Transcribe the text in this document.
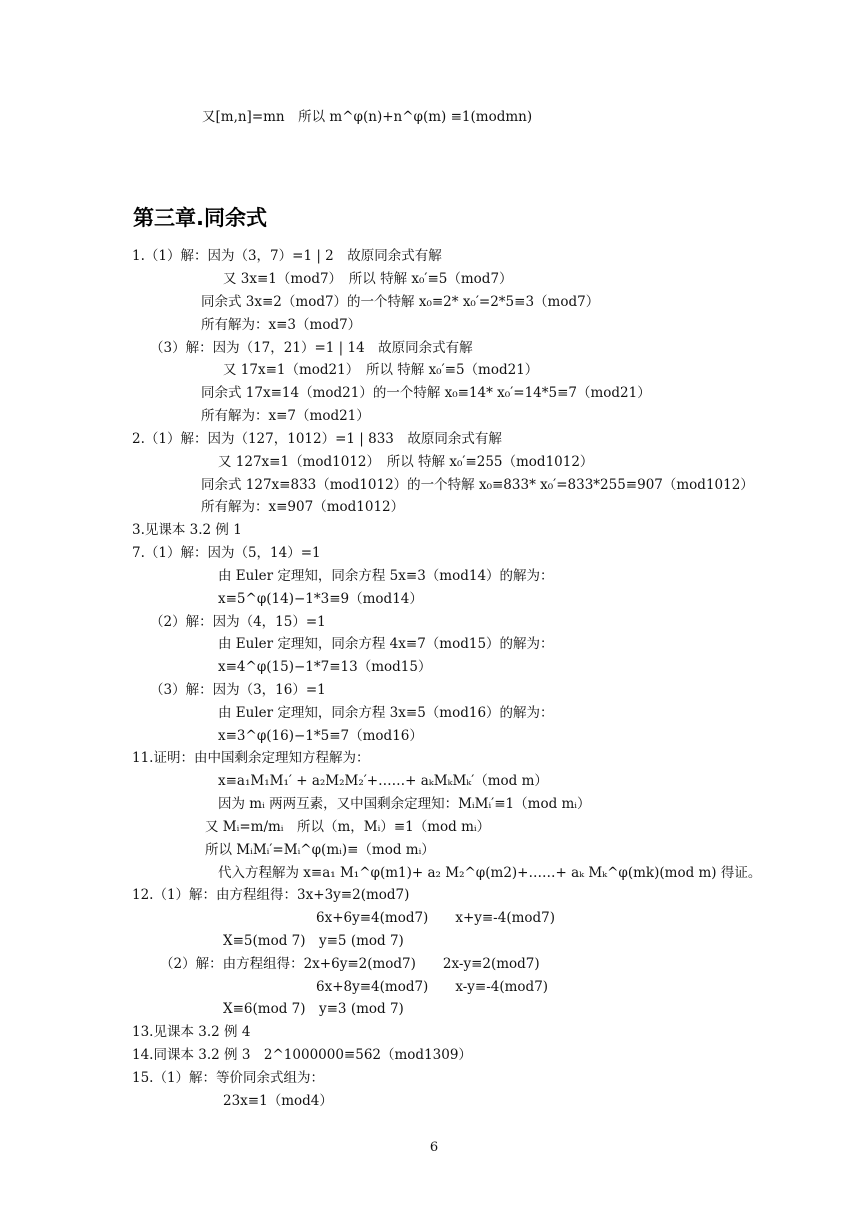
又[m,n]=mn　所以 m^φ(n)+n^φ(m) ≡1(modmn)
第三章.同余式
1.（1）解：因为（3，7）=1 | 2　故原同余式有解
又 3x≡1（mod7）　所以 特解 x₀′≡5（mod7）
同余式 3x≡2（mod7）的一个特解 x₀≡2* x₀′=2*5≡3（mod7）
所有解为：x≡3（mod7）
（3）解：因为（17，21）=1 | 14　故原同余式有解
又 17x≡1（mod21）　所以 特解 x₀′≡5（mod21）
同余式 17x≡14（mod21）的一个特解 x₀≡14* x₀′=14*5≡7（mod21）
所有解为：x≡7（mod21）
2.（1）解：因为（127，1012）=1 | 833　故原同余式有解
又 127x≡1（mod1012）　所以 特解 x₀′≡255（mod1012）
同余式 127x≡833（mod1012）的一个特解 x₀≡833* x₀′=833*255≡907（mod1012）
所有解为：x≡907（mod1012）
3.见课本 3.2 例 1
7.（1）解：因为（5，14）=1
由 Euler 定理知，同余方程 5x≡3（mod14）的解为：
x≡5^φ(14)−1*3≡9（mod14）
（2）解：因为（4，15）=1
由 Euler 定理知，同余方程 4x≡7（mod15）的解为：
x≡4^φ(15)−1*7≡13（mod15）
（3）解：因为（3，16）=1
由 Euler 定理知，同余方程 3x≡5（mod16）的解为：
x≡3^φ(16)−1*5≡7（mod16）
11.证明：由中国剩余定理知方程解为：
x≡a₁M₁M₁′ + a₂M₂M₂′+……+ aₖMₖMₖ′（mod m）
因为 mᵢ 两两互素，又中国剩余定理知：MᵢMᵢ′≡1（mod mᵢ）
又 Mᵢ=m/mᵢ　所以（m，Mᵢ）≡1（mod mᵢ）
所以 MᵢMᵢ′=Mᵢ^φ(mᵢ)≡（mod mᵢ）
代入方程解为 x≡a₁ M₁^φ(m1)+ a₂ M₂^φ(m2)+……+ aₖ Mₖ^φ(mk)(mod m) 得证。
12.（1）解：由方程组得：3x+3y≡2(mod7)
6x+6y≡4(mod7)　　x+y≡-4(mod7)
X≡5(mod 7)　y≡5 (mod 7)
（2）解：由方程组得：2x+6y≡2(mod7)　　2x-y≡2(mod7)
6x+8y≡4(mod7)　　x-y≡-4(mod7)
X≡6(mod 7)　y≡3 (mod 7)
13.见课本 3.2 例 4
14.同课本 3.2 例 3　2^1000000≡562（mod1309）
15.（1）解：等价同余式组为：
23x≡1（mod4）
6
